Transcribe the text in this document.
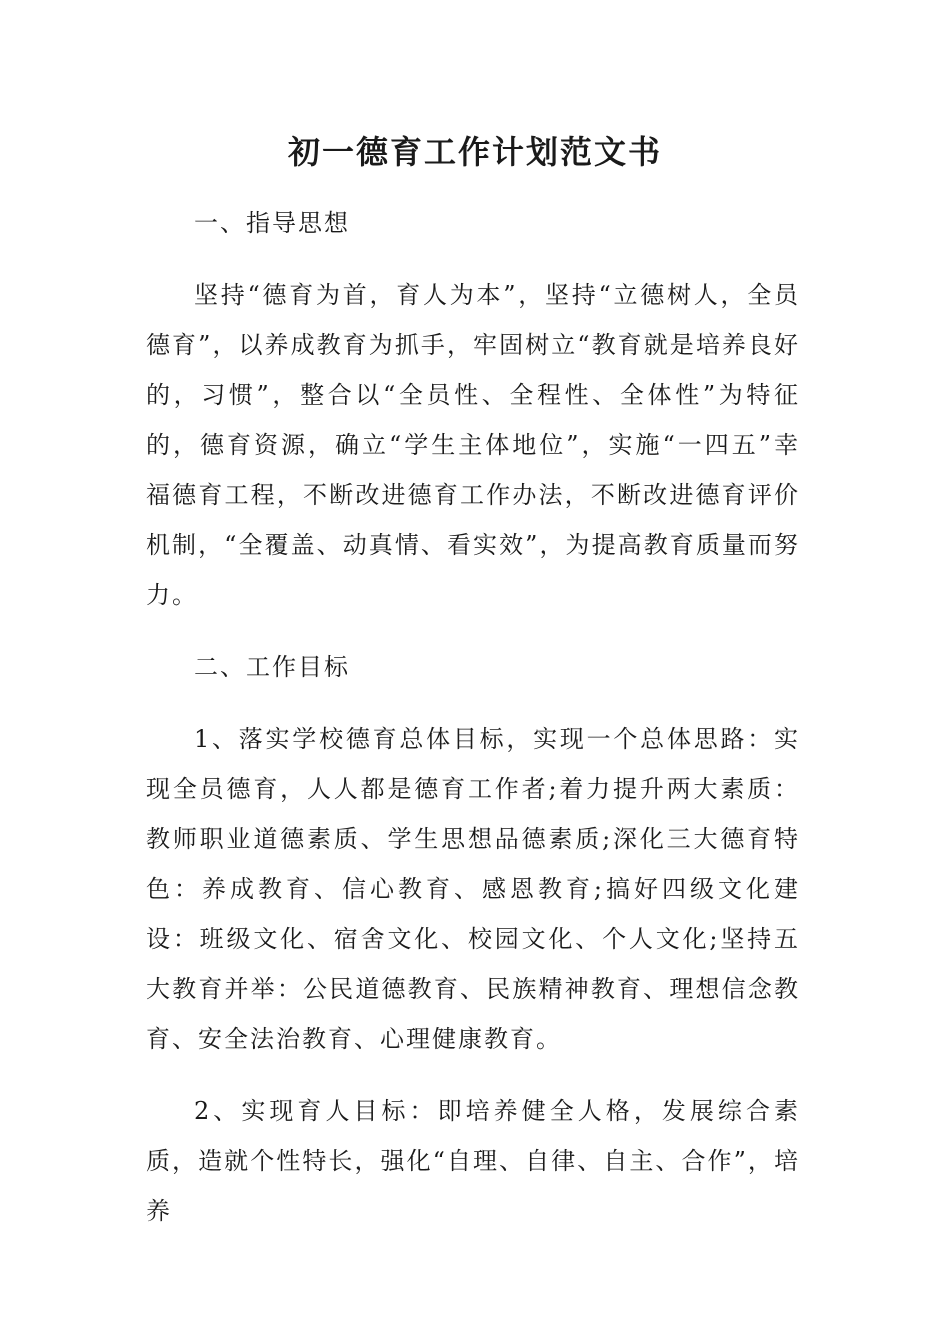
初一德育工作计划范文书
一、指导思想

坚持“德育为首，育人为本”，坚持“立德树人，全员德育”，以养成教育为抓手，牢固树立“教育就是培养良好的，习惯”，整合以“全员性、全程性、全体性”为特征的，德育资源，确立“学生主体地位”，实施“一四五”幸福德育工程，不断改进德育工作办法，不断改进德育评价机制，“全覆盖、动真情、看实效”，为提高教育质量而努力。

二、工作目标

1、落实学校德育总体目标，实现一个总体思路：实现全员德育，人人都是德育工作者;着力提升两大素质：教师职业道德素质、学生思想品德素质;深化三大德育特色：养成教育、信心教育、感恩教育;搞好四级文化建设：班级文化、宿舍文化、校园文化、个人文化;坚持五大教育并举：公民道德教育、民族精神教育、理想信念教育、安全法治教育、心理健康教育。

2、实现育人目标：即培养健全人格，发展综合素质，造就个性特长，强化“自理、自律、自主、合作”，培养
